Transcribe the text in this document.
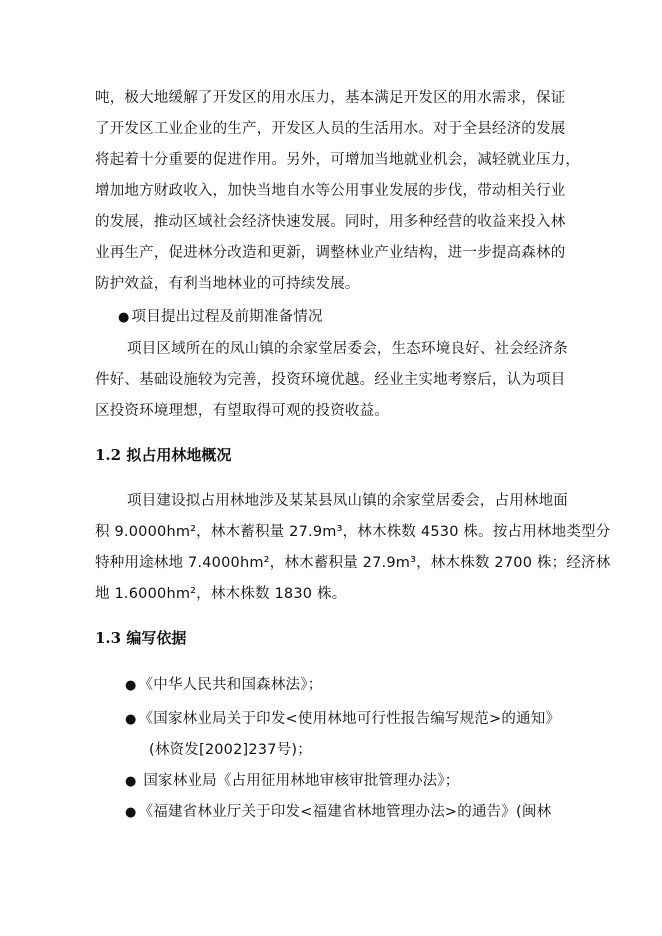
吨，极大地缓解了开发区的用水压力，基本满足开发区的用水需求，保证
了开发区工业企业的生产，开发区人员的生活用水。对于全县经济的发展
将起着十分重要的促进作用。另外，可增加当地就业机会，减轻就业压力，
增加地方财政收入，加快当地自水等公用事业发展的步伐，带动相关行业
的发展，推动区域社会经济快速发展。同时，用多种经营的收益来投入林
业再生产，促进林分改造和更新，调整林业产业结构，进一步提高森林的
防护效益，有利当地林业的可持续发展。
● 项目提出过程及前期准备情况
项目区域所在的凤山镇的余家堂居委会，生态环境良好、社会经济条
件好、基础设施较为完善，投资环境优越。经业主实地考察后，认为项目
区投资环境理想，有望取得可观的投资收益。
1.2 拟占用林地概况
项目建设拟占用林地涉及某某县凤山镇的余家堂居委会，占用林地面
积 9.0000hm²，林木蓄积量 27.9m³，林木株数 4530 株。按占用林地类型分
特种用途林地 7.4000hm²，林木蓄积量 27.9m³，林木株数 2700 株；经济林
地 1.6000hm²，林木株数 1830 株。
1.3 编写依据
● 《中华人民共和国森林法》；
● 《国家林业局关于印发<使用林地可行性报告编写规范>的通知》
(林资发[2002]237号)；
● 国家林业局《占用征用林地审核审批管理办法》；
● 《福建省林业厅关于印发<福建省林地管理办法>的通告》(闽林
